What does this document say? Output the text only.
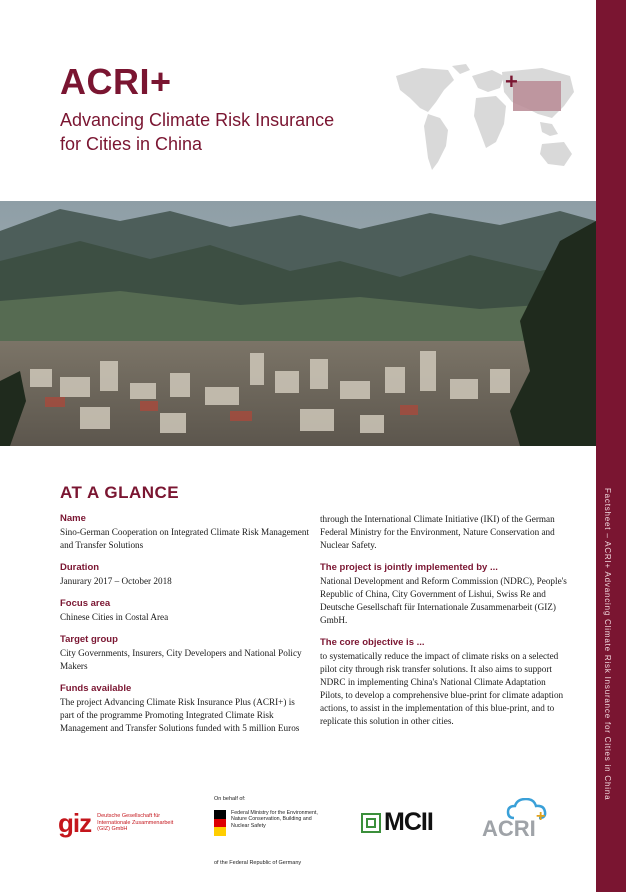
Factsheet – ACRI+ Advancing Climate Risk Insurance for Cities in China
ACRI+
Advancing Climate Risk Insurance for Cities in China
+
AT A GLANCE
Name
Sino-German Cooperation on Integrated Climate Risk Management and Transfer Solutions
Duration
Janurary 2017 – October 2018
Focus area
Chinese Cities in Costal Area
Target group
City Governments, Insurers, City Developers and National Policy Makers
Funds available
The project Advancing Climate Risk Insurance Plus (ACRI+) is part of the programme Promoting Integrated Climate Risk Management and Transfer Solutions funded with 5 million Euros
through the International Climate Initiative (IKI) of the German Federal Ministry for the Environment, Nature Conservation and Nuclear Safety.
The project is jointly implemented by ...
National Development and Reform Commission (NDRC), People's Republic of China, City Government of Lishui, Swiss Re and Deutsche Gesellschaft für Internationale Zusammenarbeit (GIZ) GmbH.
The core objective is ...
to systematically reduce the impact of climate risks on a selected pilot city through risk transfer solutions. It also aims to support NDRC in implementing China's National Climate Adaptation Pilots, to develop a comprehensive blue-print for climate adaption actions, to assist in the implementation of this blue-print, and to replicate this solution in other cities.
giz Deutsche Gesellschaft für Internationale Zusammenarbeit (GIZ) GmbH
On behalf of:
Federal Ministry for the Environment, Nature Conservation, Building and Nuclear Safety
of the Federal Republic of Germany
MCII ACRI +
